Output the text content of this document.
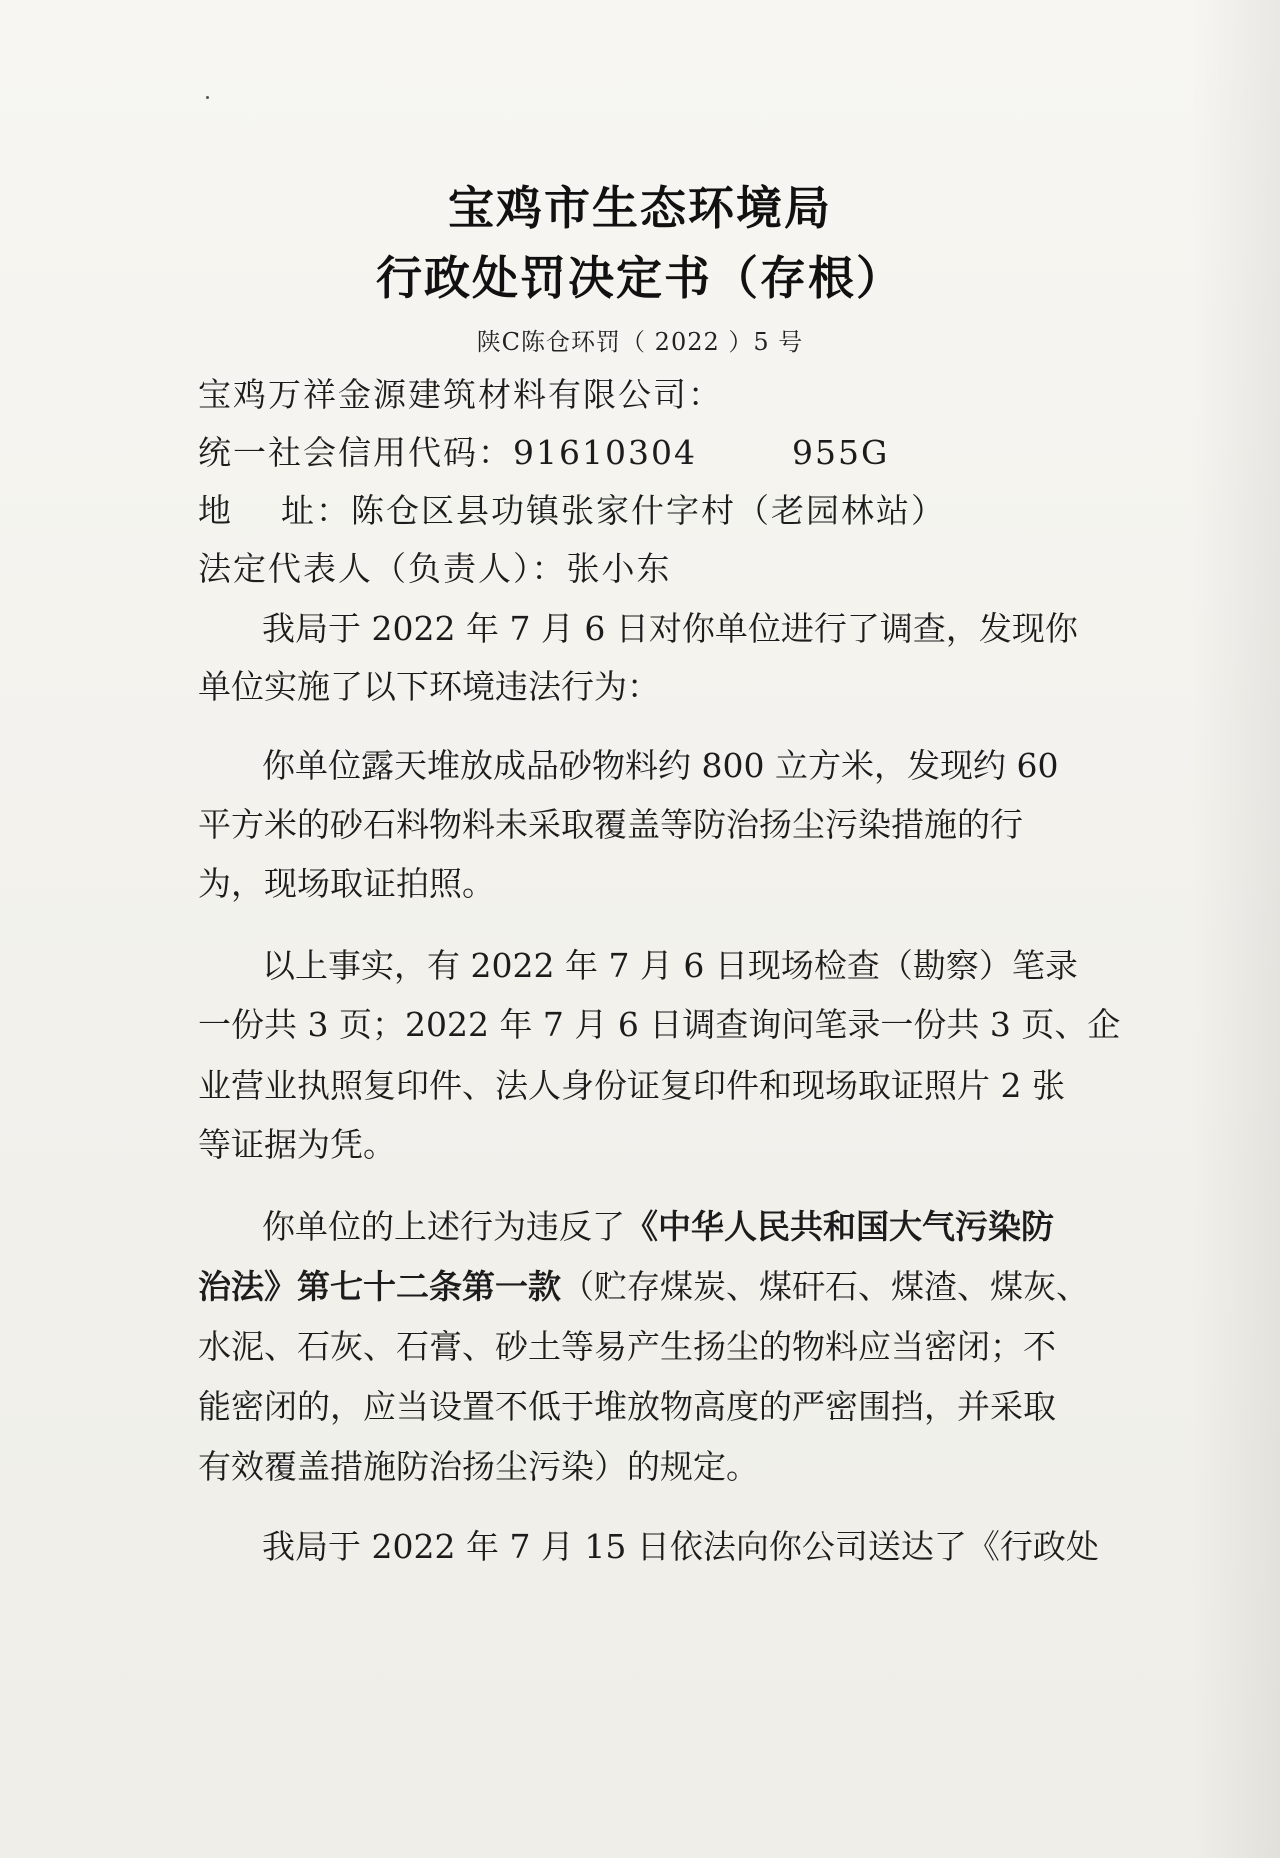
宝鸡市生态环境局
行政处罚决定书（存根）
陕C陈仓环罚（ 2022 ）5 号
宝鸡万祥金源建筑材料有限公司：
统一社会信用代码：91610304	955G
地 址：陈仓区县功镇张家什字村（老园林站）
法定代表人（负责人）：张小东
我局于 2022 年 7 月 6 日对你单位进行了调查，发现你
单位实施了以下环境违法行为：
你单位露天堆放成品砂物料约 800 立方米，发现约 60
平方米的砂石料物料未采取覆盖等防治扬尘污染措施的行
为，现场取证拍照。
以上事实，有 2022 年 7 月 6 日现场检查（勘察）笔录
一份共 3 页；2022 年 7 月 6 日调查询问笔录一份共 3 页、企
业营业执照复印件、法人身份证复印件和现场取证照片 2 张
等证据为凭。
你单位的上述行为违反了《中华人民共和国大气污染防
治法》第七十二条第一款（贮存煤炭、煤矸石、煤渣、煤灰、
水泥、石灰、石膏、砂土等易产生扬尘的物料应当密闭；不
能密闭的，应当设置不低于堆放物高度的严密围挡，并采取
有效覆盖措施防治扬尘污染）的规定。
我局于 2022 年 7 月 15 日依法向你公司送达了《行政处
